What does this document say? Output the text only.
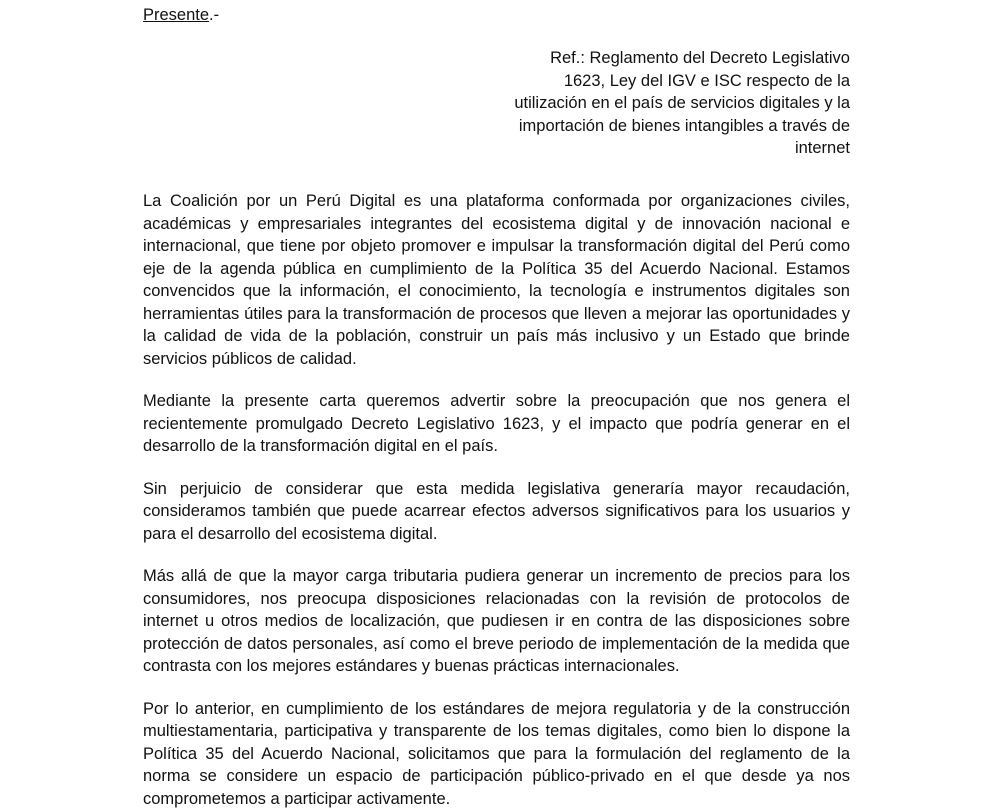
Presente.-

Ref.: Reglamento del Decreto Legislativo
1623, Ley del IGV e ISC respecto de la
utilización en el país de servicios digitales y la
importación de bienes intangibles a través de
internet

La Coalición por un Perú Digital es una plataforma conformada por organizaciones civiles, académicas y empresariales integrantes del ecosistema digital y de innovación nacional e internacional, que tiene por objeto promover e impulsar la transformación digital del Perú como eje de la agenda pública en cumplimiento de la Política 35 del Acuerdo Nacional. Estamos convencidos que la información, el conocimiento, la tecnología e instrumentos digitales son herramientas útiles para la transformación de procesos que lleven a mejorar las oportunidades y la calidad de vida de la población, construir un país más inclusivo y un Estado que brinde servicios públicos de calidad.

Mediante la presente carta queremos advertir sobre la preocupación que nos genera el recientemente promulgado Decreto Legislativo 1623, y el impacto que podría generar en el desarrollo de la transformación digital en el país.

Sin perjuicio de considerar que esta medida legislativa generaría mayor recaudación, consideramos también que puede acarrear efectos adversos significativos para los usuarios y para el desarrollo del ecosistema digital.

Más allá de que la mayor carga tributaria pudiera generar un incremento de precios para los consumidores, nos preocupa disposiciones relacionadas con la revisión de protocolos de internet u otros medios de localización, que pudiesen ir en contra de las disposiciones sobre protección de datos personales, así como el breve periodo de implementación de la medida que contrasta con los mejores estándares y buenas prácticas internacionales.

Por lo anterior, en cumplimiento de los estándares de mejora regulatoria y de la construcción multiestamentaria, participativa y transparente de los temas digitales, como bien lo dispone la Política 35 del Acuerdo Nacional, solicitamos que para la formulación del reglamento de la norma se considere un espacio de participación público-privado en el que desde ya nos comprometemos a participar activamente.
